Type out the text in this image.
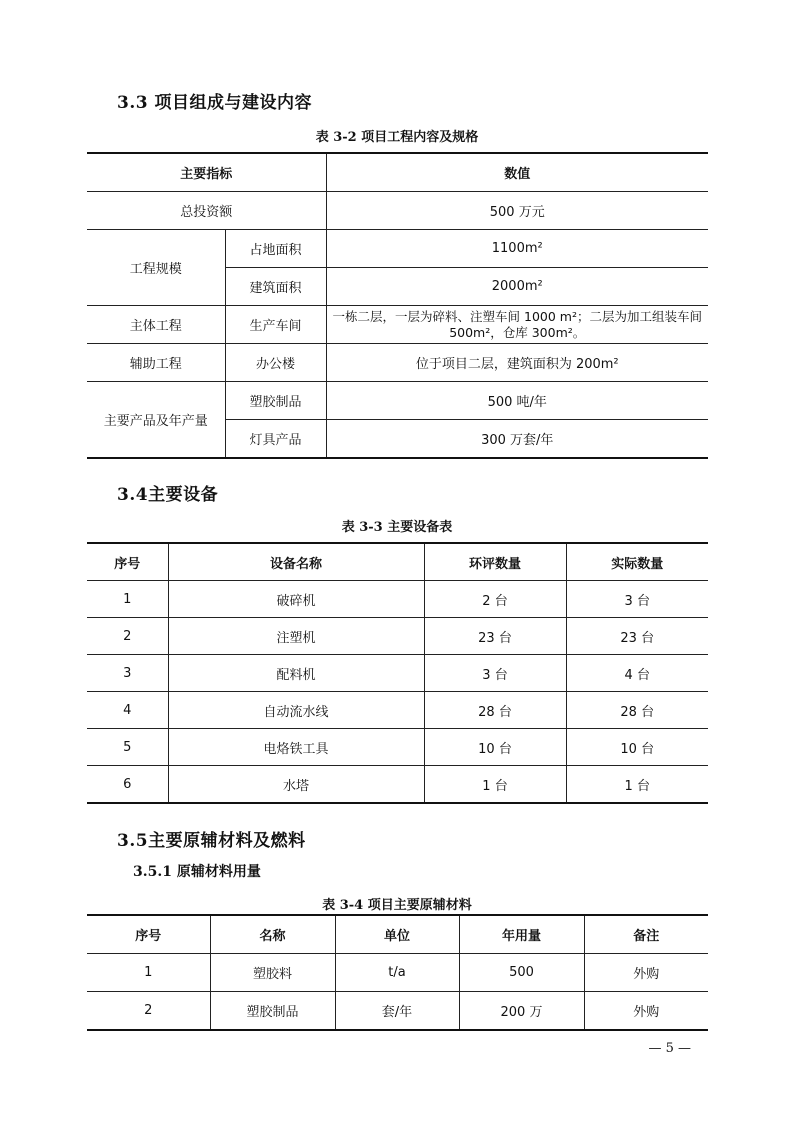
3.3 项目组成与建设内容
表 3-2 项目工程内容及规格
主要指标		数值
总投资额		500 万元
工程规模	占地面积	1100m²
	建筑面积	2000m²
主体工程	生产车间	一栋二层，一层为碎料、注塑车间 1000 m²；二层为加工组装车间 500m²，仓库 300m²。
辅助工程	办公楼	位于项目二层，建筑面积为 200m²
主要产品及年产量	塑胶制品	500 吨/年
	灯具产品	300 万套/年
3.4主要设备
表 3-3 主要设备表
序号	设备名称	环评数量	实际数量
1	破碎机	2 台	3 台
2	注塑机	23 台	23 台
3	配料机	3 台	4 台
4	自动流水线	28 台	28 台
5	电烙铁工具	10 台	10 台
6	水塔	1 台	1 台
3.5主要原辅材料及燃料
3.5.1 原辅材料用量
表 3-4 项目主要原辅材料
序号	名称	单位	年用量	备注
1	塑胶料	t/a	500	外购
2	塑胶制品	套/年	200 万	外购
— 5 —
